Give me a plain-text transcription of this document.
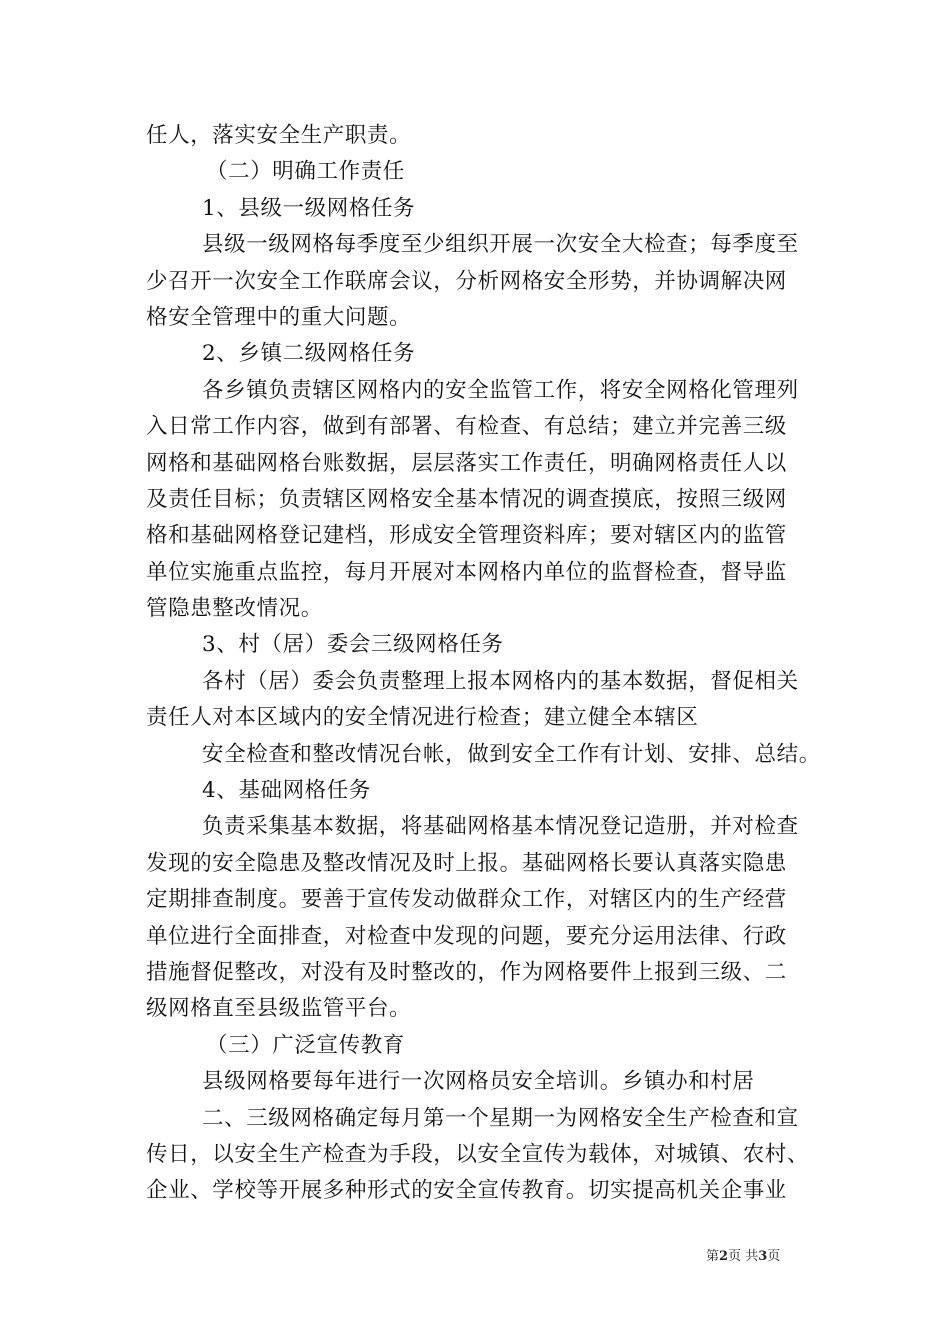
任人，落实安全生产职责。
（二）明确工作责任
1、县级一级网格任务
县级一级网格每季度至少组织开展一次安全大检查；每季度至
少召开一次安全工作联席会议，分析网格安全形势，并协调解决网
格安全管理中的重大问题。
2、乡镇二级网格任务
各乡镇负责辖区网格内的安全监管工作，将安全网格化管理列
入日常工作内容，做到有部署、有检查、有总结；建立并完善三级
网格和基础网格台账数据，层层落实工作责任，明确网格责任人以
及责任目标；负责辖区网格安全基本情况的调查摸底，按照三级网
格和基础网格登记建档，形成安全管理资料库；要对辖区内的监管
单位实施重点监控，每月开展对本网格内单位的监督检查，督导监
管隐患整改情况。
3、村（居）委会三级网格任务
各村（居）委会负责整理上报本网格内的基本数据，督促相关
责任人对本区域内的安全情况进行检查；建立健全本辖区
安全检查和整改情况台帐，做到安全工作有计划、安排、总结。
4、基础网格任务
负责采集基本数据，将基础网格基本情况登记造册，并对检查
发现的安全隐患及整改情况及时上报。基础网格长要认真落实隐患
定期排查制度。要善于宣传发动做群众工作，对辖区内的生产经营
单位进行全面排查，对检查中发现的问题，要充分运用法律、行政
措施督促整改，对没有及时整改的，作为网格要件上报到三级、二
级网格直至县级监管平台。
（三）广泛宣传教育
县级网格要每年进行一次网格员安全培训。乡镇办和村居
二、三级网格确定每月第一个星期一为网格安全生产检查和宣
传日，以安全生产检查为手段，以安全宣传为载体，对城镇、农村、
企业、学校等开展多种形式的安全宣传教育。切实提高机关企事业
第2页 共3页
